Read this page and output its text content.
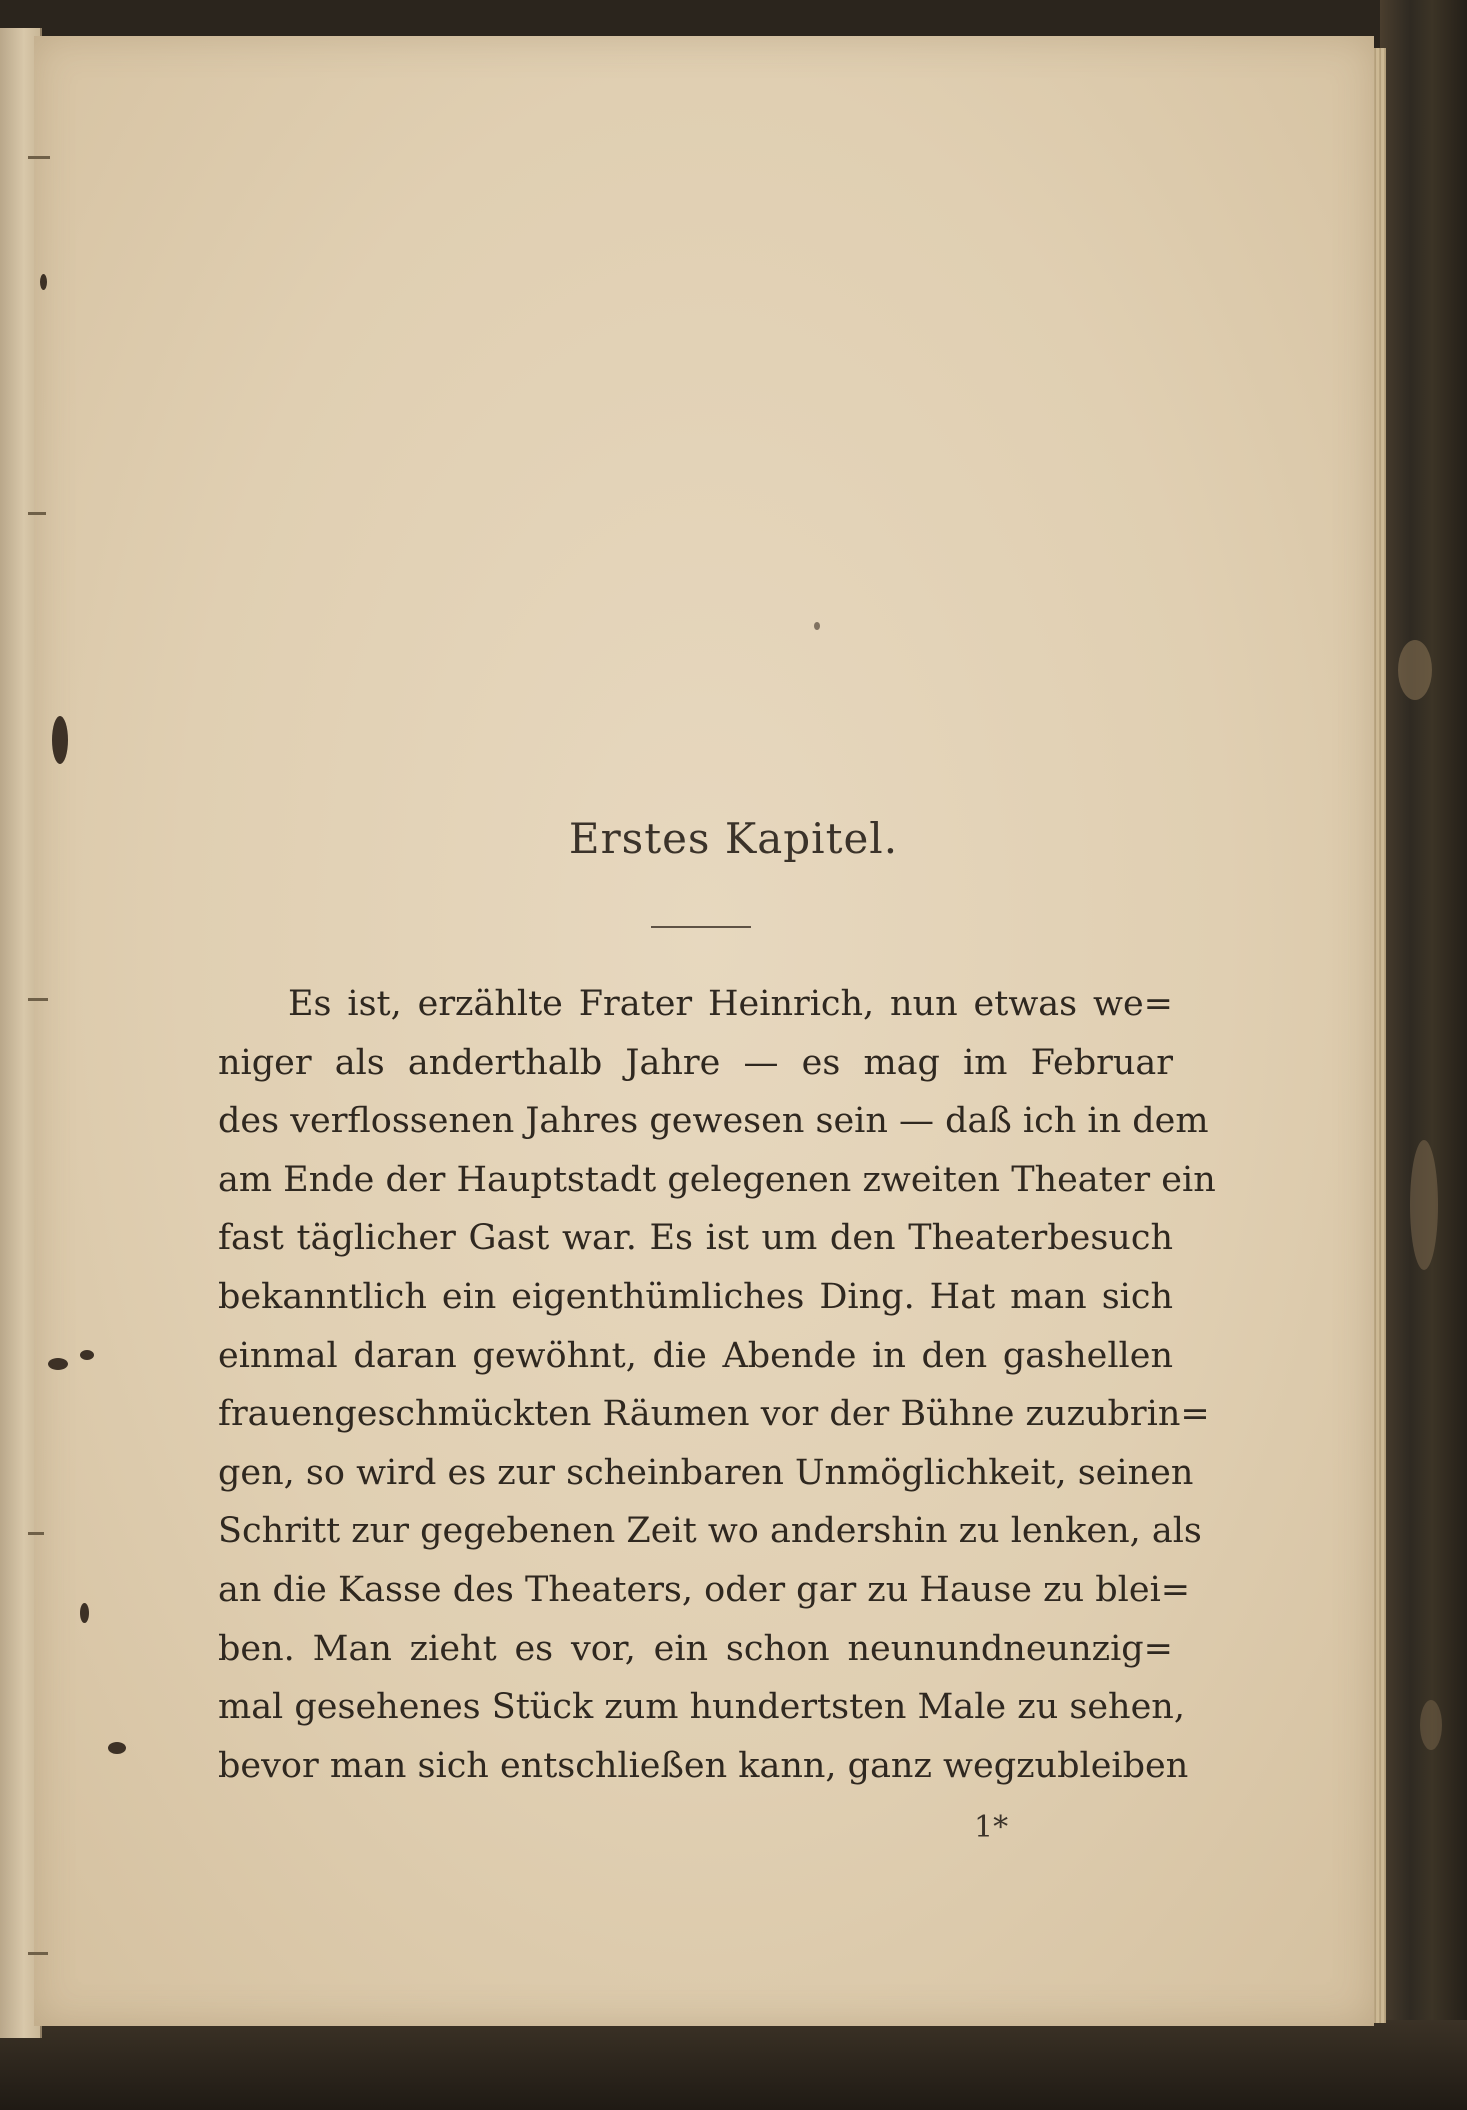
Erstes Kapitel.
Es ist, erzählte Frater Heinrich, nun etwas we=
niger als anderthalb Jahre — es mag im Februar
des verflossenen Jahres gewesen sein — daß ich in dem
am Ende der Hauptstadt gelegenen zweiten Theater ein
fast täglicher Gast war. Es ist um den Theaterbesuch
bekanntlich ein eigenthümliches Ding. Hat man sich
einmal daran gewöhnt, die Abende in den gashellen
frauengeschmückten Räumen vor der Bühne zuzubrin=
gen, so wird es zur scheinbaren Unmöglichkeit, seinen
Schritt zur gegebenen Zeit wo andershin zu lenken, als
an die Kasse des Theaters, oder gar zu Hause zu blei=
ben. Man zieht es vor, ein schon neunundneunzig=
mal gesehenes Stück zum hundertsten Male zu sehen,
bevor man sich entschließen kann, ganz wegzubleiben
1*
